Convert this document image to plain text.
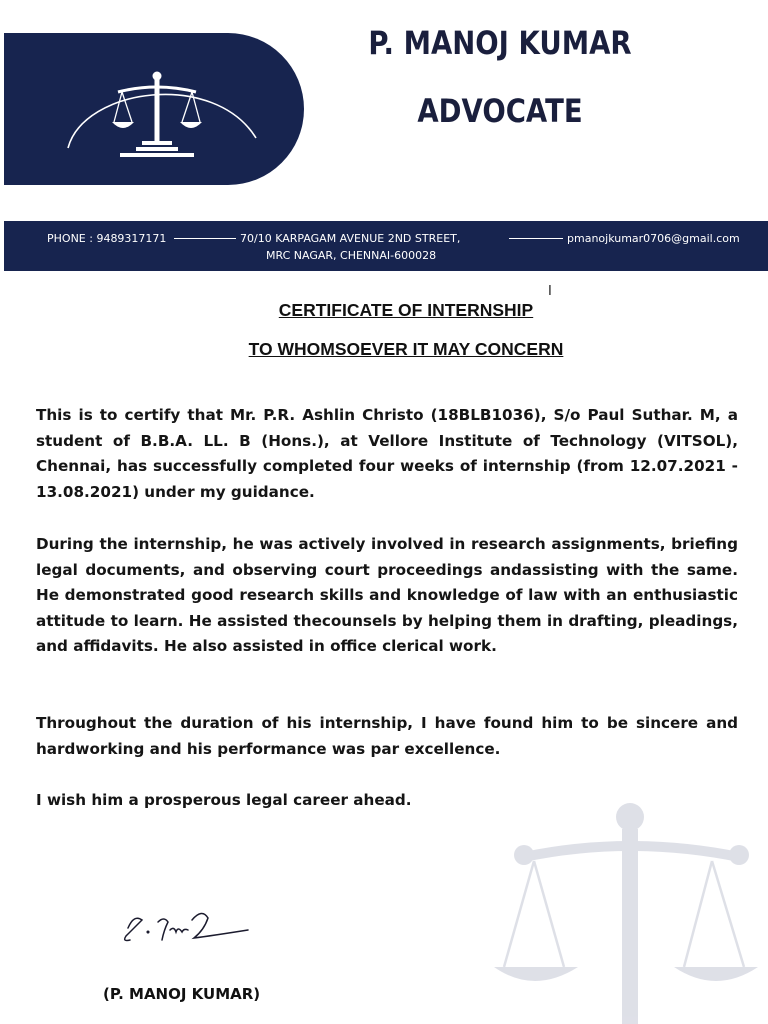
P. MANOJ KUMAR
ADVOCATE
PHONE : 9489317171	70/10 KARPAGAM AVENUE 2ND STREET,
MRC NAGAR, CHENNAI-600028
pmanojkumar0706@gmail.com
I
CERTIFICATE OF INTERNSHIP
TO WHOMSOEVER IT MAY CONCERN

This is to certify that Mr. P.R. Ashlin Christo (18BLB1036), S/o Paul Suthar. M, a student of B.B.A. LL. B (Hons.), at Vellore Institute of Technology (VITSOL), Chennai, has successfully completed four weeks of internship (from 12.07.2021 - 13.08.2021) under my guidance.

During the internship, he was actively involved in research assignments, briefing legal documents, and observing court proceedings andassisting with the same. He demonstrated good research skills and knowledge of law with an enthusiastic attitude to learn. He assisted thecounsels by helping them in drafting, pleadings, and affidavits. He also assisted in office clerical work.

Throughout the duration of his internship, I have found him to be sincere and hardworking and his performance was par excellence.

I wish him a prosperous legal career ahead.

(P. MANOJ KUMAR)
